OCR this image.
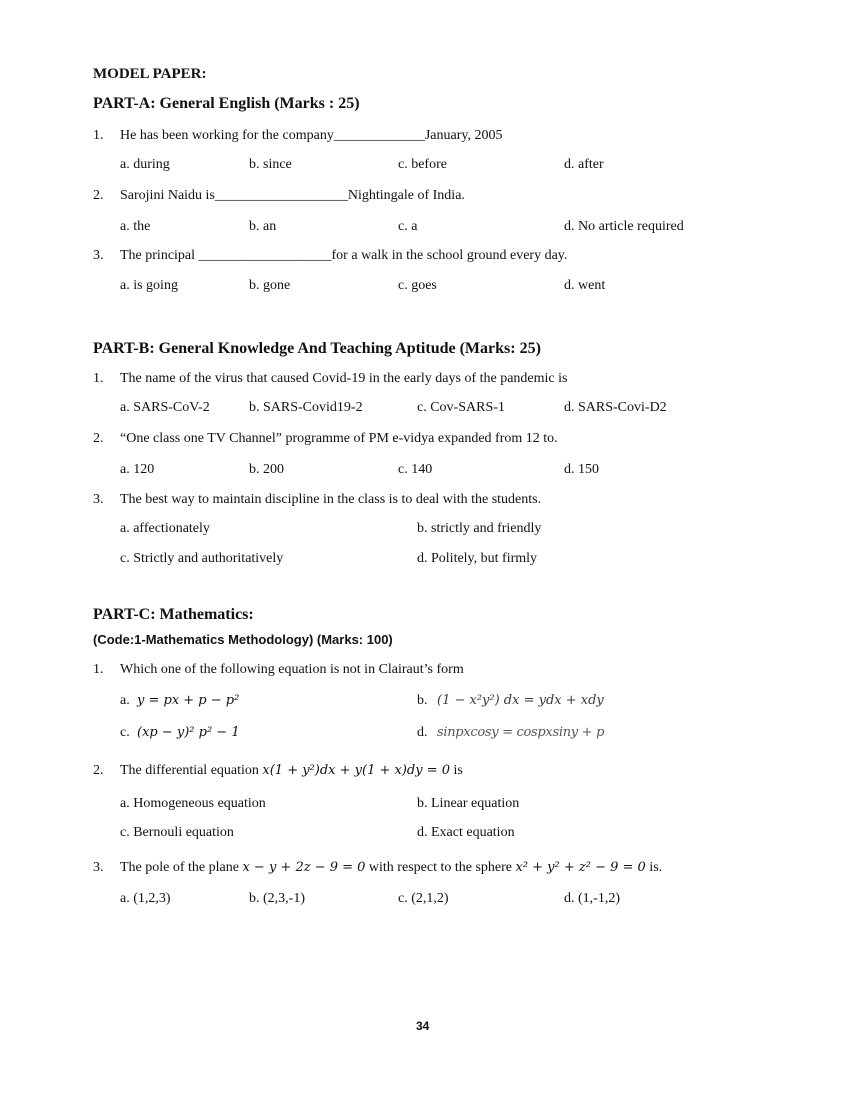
MODEL PAPER:
PART-A: General English (Marks : 25)
1. He has been working for the company_____________January, 2005
a. during	b. since	c. before	d. after
2. Sarojini Naidu is___________________Nightingale of India.
a. the	b. an	c. a	d. No article required
3. The principal ___________________for a walk in the school ground every day.
a. is going	b. gone	c. goes	d. went
PART-B: General Knowledge And Teaching Aptitude (Marks: 25)
1. The name of the virus that caused Covid-19 in the early days of the pandemic is
a. SARS-CoV-2	b. SARS-Covid19-2	c. Cov-SARS-1	d. SARS-Covi-D2
2. “One class one TV Channel” programme of PM e-vidya expanded from 12 to.
a. 120	b. 200	c. 140	d. 150
3. The best way to maintain discipline in the class is to deal with the students.
a. affectionately	b. strictly and friendly
c. Strictly and authoritatively	d. Politely, but firmly
PART-C: Mathematics:
(Code:1-Mathematics Methodology) (Marks: 100)
1. Which one of the following equation is not in Clairaut’s form
a. y = px + p − p²	b. (1 − x²y²) dx = ydx + xdy
c. (xp − y)² p² − 1	d. sinpxcosy = cospxsiny + p
2. The differential equation x(1 + y²)dx + y(1 + x)dy = 0 is
a. Homogeneous equation	b. Linear equation
c. Bernouli equation	d. Exact equation
3. The pole of the plane x − y + 2z − 9 = 0 with respect to the sphere x² + y² + z² − 9 = 0 is.
a. (1,2,3)	b. (2,3,-1)	c. (2,1,2)	d. (1,-1,2)
34
